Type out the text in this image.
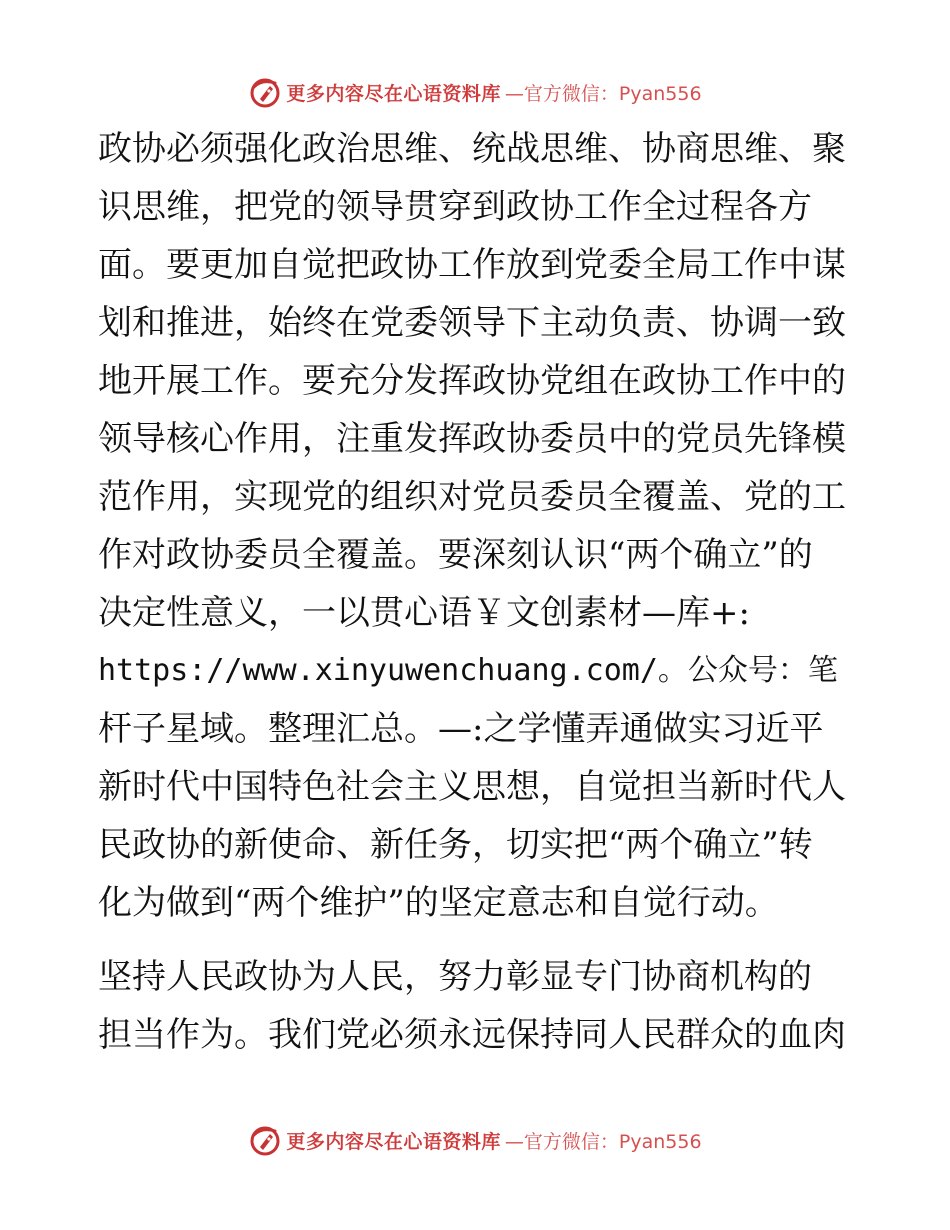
更多内容尽在心语资料库 —官方微信：Pyan556
政协必须强化政治思维、统战思维、协商思维、聚
识思维，把党的领导贯穿到政协工作全过程各方
面。要更加自觉把政协工作放到党委全局工作中谋
划和推进，始终在党委领导下主动负责、协调一致
地开展工作。要充分发挥政协党组在政协工作中的
领导核心作用，注重发挥政协委员中的党员先锋模
范作用，实现党的组织对党员委员全覆盖、党的工
作对政协委员全覆盖。要深刻认识“两个确立”的
决定性意义，一以贯心语￥文创素材—库+:
https://www.xinyuwenchuang.com/。公众号：笔
杆子星域。整理汇总。—:之学懂弄通做实习近平
新时代中国特色社会主义思想，自觉担当新时代人
民政协的新使命、新任务，切实把“两个确立”转
化为做到“两个维护”的坚定意志和自觉行动。
坚持人民政协为人民，努力彰显专门协商机构的
担当作为。我们党必须永远保持同人民群众的血肉
更多内容尽在心语资料库 —官方微信：Pyan556
